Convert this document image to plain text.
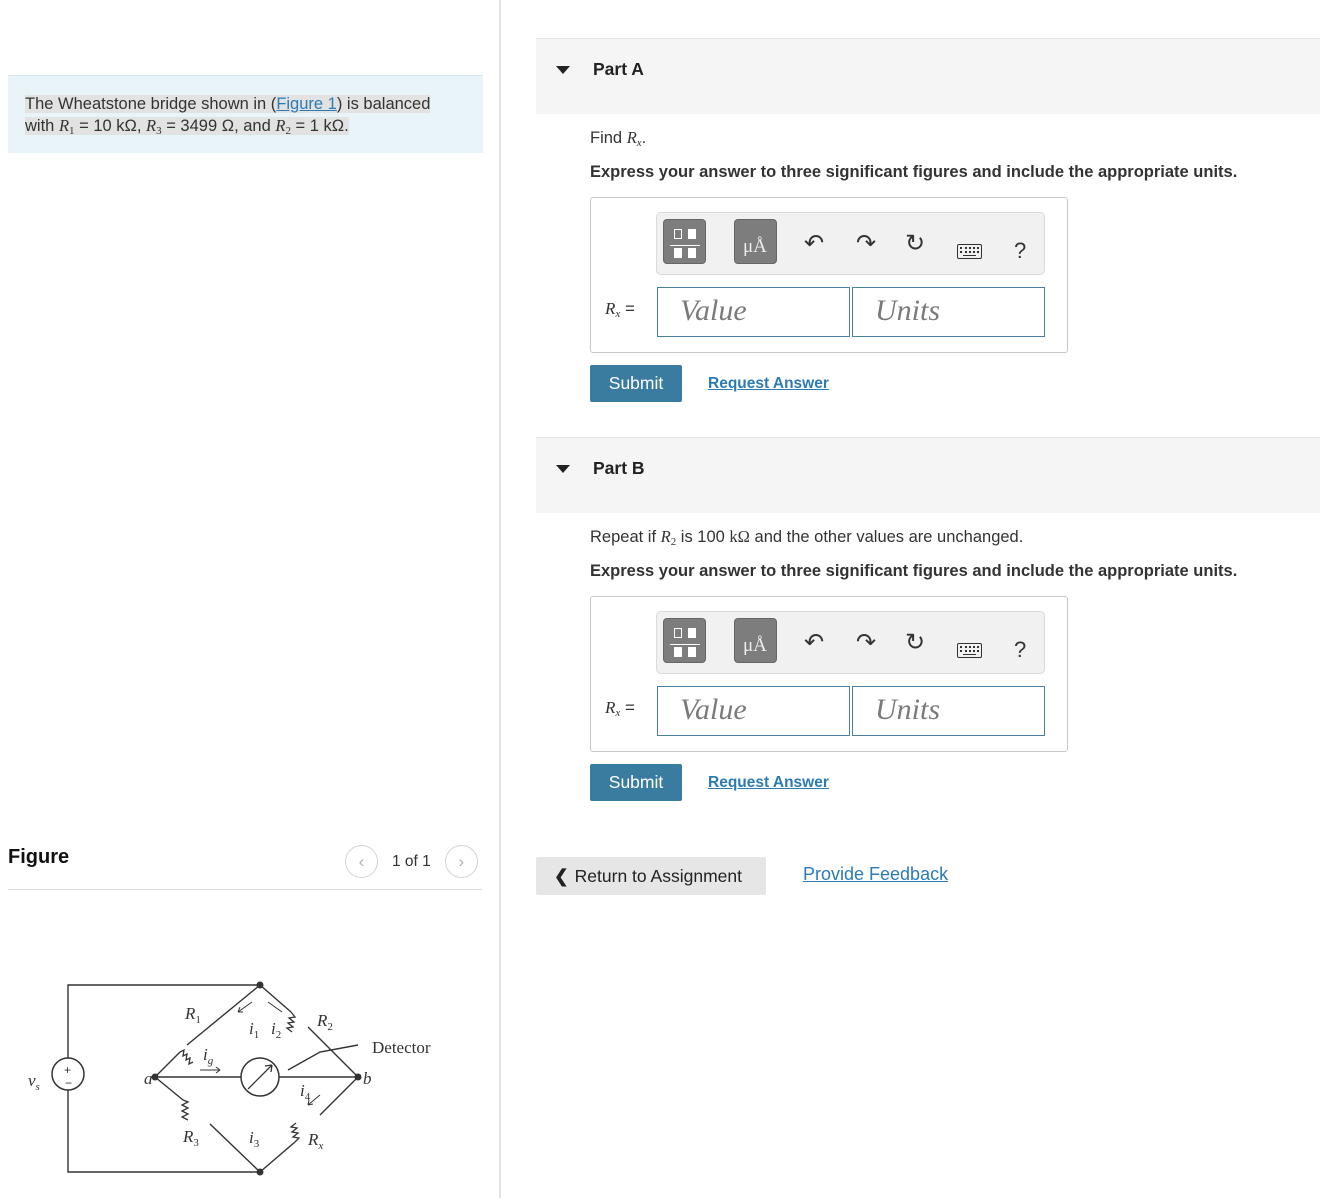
The Wheatstone bridge shown in (Figure 1) is balanced
with $R_1 = 10$ kΩ, $R_3 = 3499$ Ω, and $R_2 = 1$ kΩ.
Figure	‹	1 of 1	›
$R_1$	$R_2$
$R_3$	$R_x$
$i_1$ $i_2$
$i_3$
$i_4$
$i_g$
$v_s$	a	b
Detector
+
−
Part A
Find $R_x$.
Express your answer to three significant figures and include the appropriate units.
μÅ ↶ ↷ ↻	?
$R_x$ = Value	Units
Submit	Request Answer
Part B
Repeat if $R_2$ is 100 kΩ and the other values are unchanged.
Express your answer to three significant figures and include the appropriate units.
μÅ ↶ ↷ ↻	?
$R_x$ = Value	Units
Submit	Request Answer
❮ Return to Assignment	Provide Feedback
